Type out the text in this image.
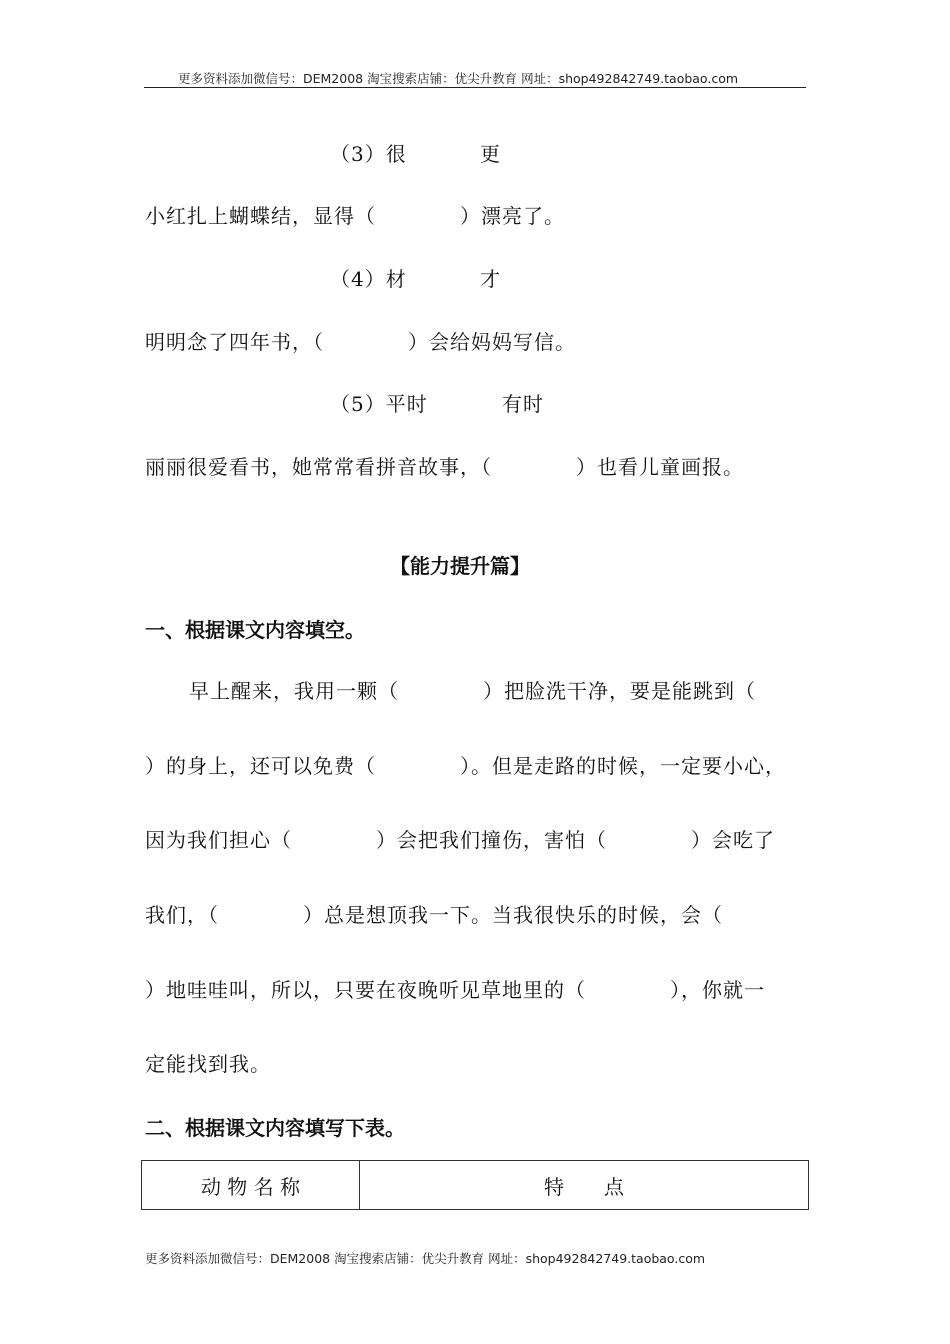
更多资料添加微信号：DEM2008 淘宝搜索店铺：优尖升教育 网址：shop492842749.taobao.com
（3）很	更
小红扎上蝴蝶结，显得（　　　　）漂亮了。
（4）材	才
明明念了四年书，（　　　　）会给妈妈写信。
（5）平时	有时
丽丽很爱看书，她常常看拼音故事，（　　　　）也看儿童画报。
【能力提升篇】
一、根据课文内容填空。
早上醒来，我用一颗（　　　　）把脸洗干净，要是能跳到（
）的身上，还可以免费（　　　　）。但是走路的时候，一定要小心，
因为我们担心（　　　　）会把我们撞伤，害怕（　　　　）会吃了
我们，（　　　　）总是想顶我一下。当我很快乐的时候，会（
）地哇哇叫，所以，只要在夜晚听见草地里的（　　　　），你就一
定能找到我。
二、根据课文内容填写下表。
动 物 名 称	特　　点
更多资料添加微信号：DEM2008 淘宝搜索店铺：优尖升教育 网址：shop492842749.taobao.com
